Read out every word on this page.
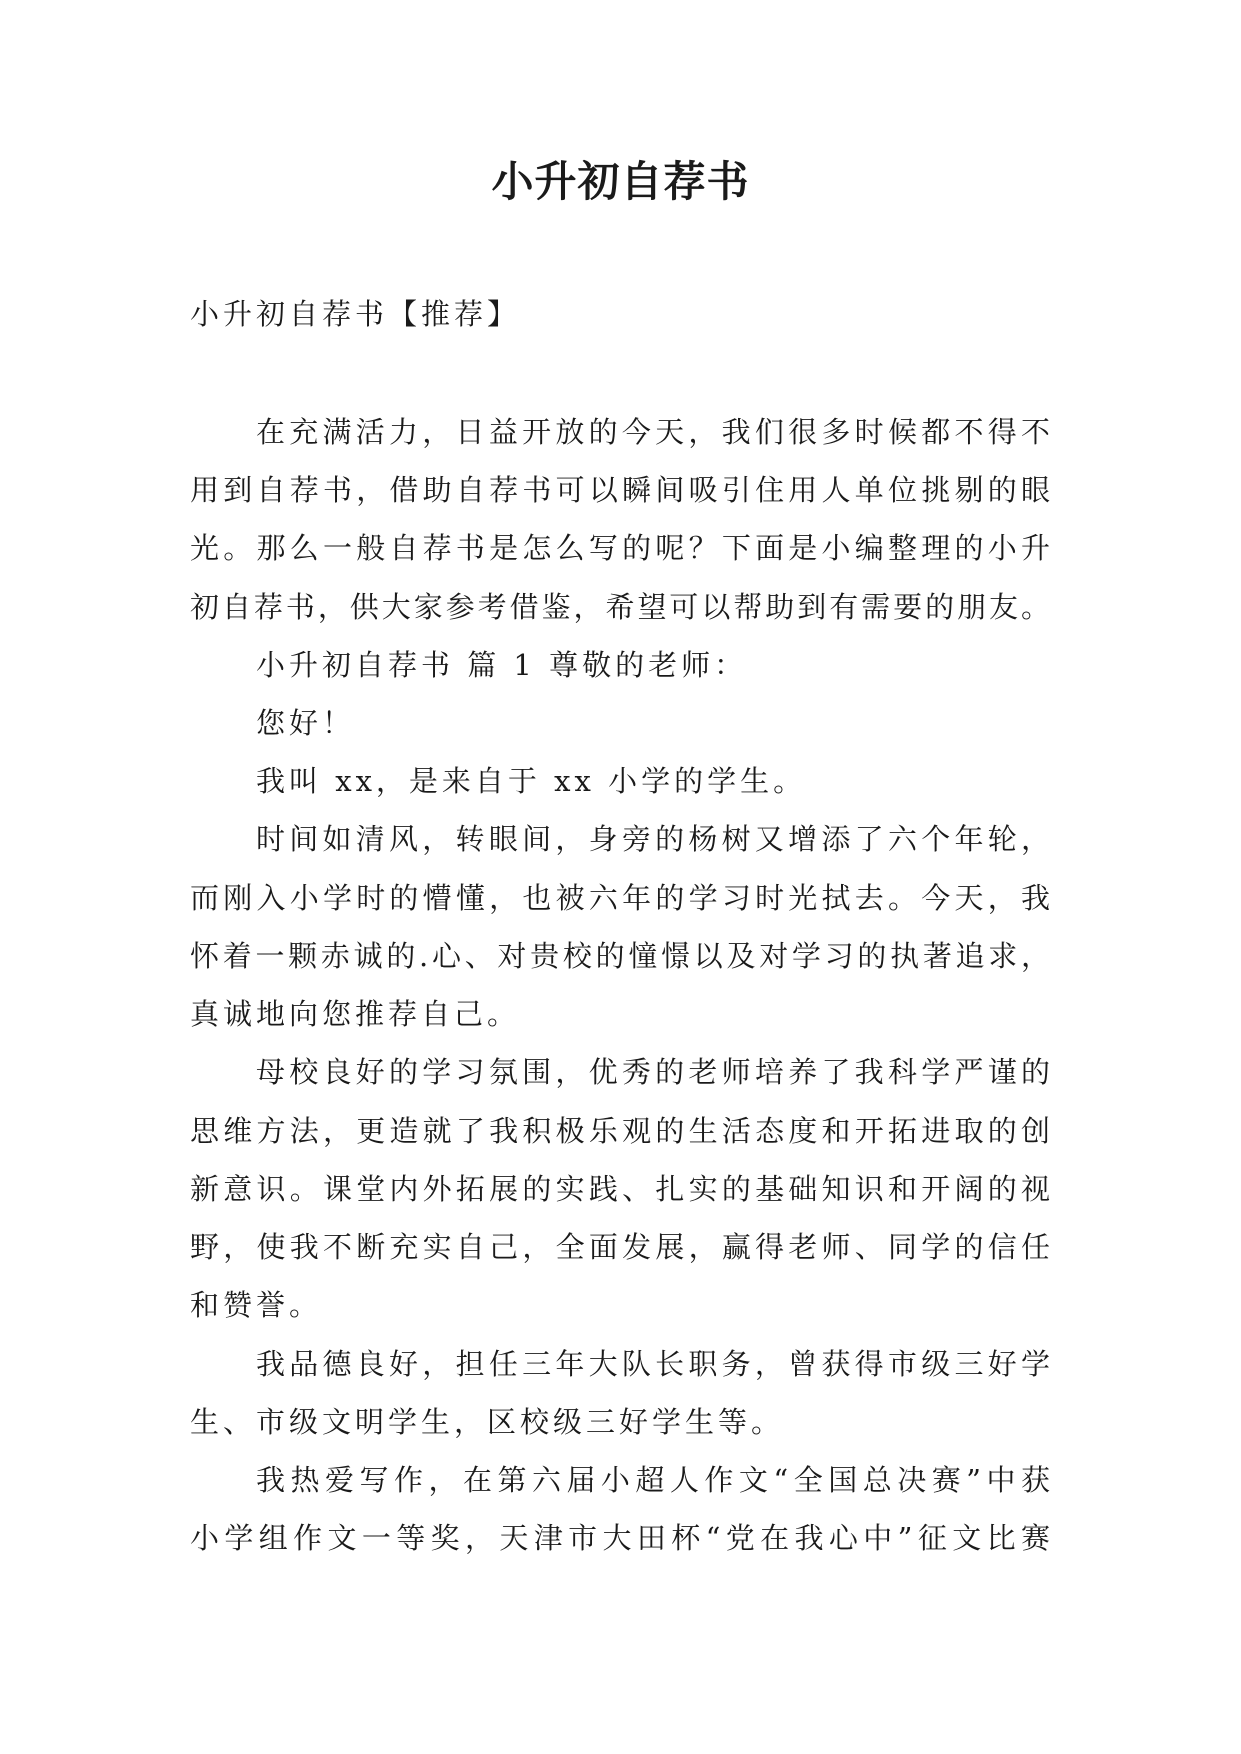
小升初自荐书
小升初自荐书【推荐】
在充满活力，日益开放的今天，我们很多时候都不得不
用到自荐书，借助自荐书可以瞬间吸引住用人单位挑剔的眼
光。那么一般自荐书是怎么写的呢？下面是小编整理的小升
初自荐书，供大家参考借鉴，希望可以帮助到有需要的朋友。
小升初自荐书 篇 1 尊敬的老师：
您好！
我叫 xx，是来自于 xx 小学的学生。
时间如清风，转眼间，身旁的杨树又增添了六个年轮，
而刚入小学时的懵懂，也被六年的学习时光拭去。今天，我
怀着一颗赤诚的.心、对贵校的憧憬以及对学习的执著追求，
真诚地向您推荐自己。
母校良好的学习氛围，优秀的老师培养了我科学严谨的
思维方法，更造就了我积极乐观的生活态度和开拓进取的创
新意识。课堂内外拓展的实践、扎实的基础知识和开阔的视
野，使我不断充实自己，全面发展，赢得老师、同学的信任
和赞誉。
我品德良好，担任三年大队长职务，曾获得市级三好学
生、市级文明学生，区校级三好学生等。
我热爱写作，在第六届小超人作文“全国总决赛”中获
小学组作文一等奖，天津市大田杯“党在我心中”征文比赛
